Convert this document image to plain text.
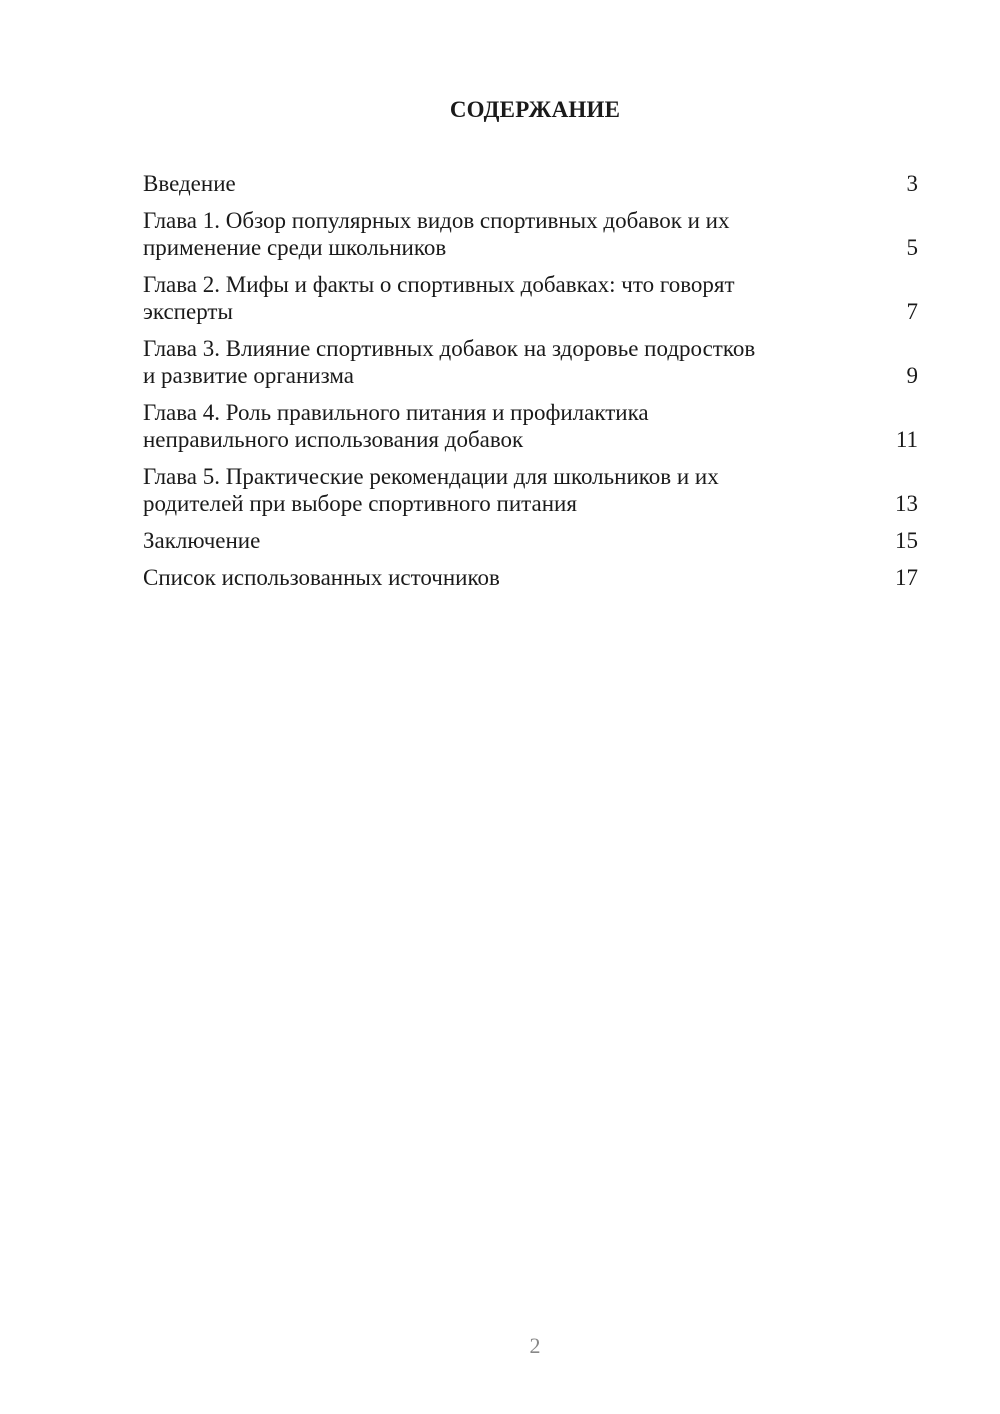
СОДЕРЖАНИЕ
Введение	3
Глава 1. Обзор популярных видов спортивных добавок и их
применение среди школьников	5
Глава 2. Мифы и факты о спортивных добавках: что говорят
эксперты	7
Глава 3. Влияние спортивных добавок на здоровье подростков
и развитие организма	9
Глава 4. Роль правильного питания и профилактика
неправильного использования добавок	11
Глава 5. Практические рекомендации для школьников и их
родителей при выборе спортивного питания	13
Заключение	15
Список использованных источников	17
2
